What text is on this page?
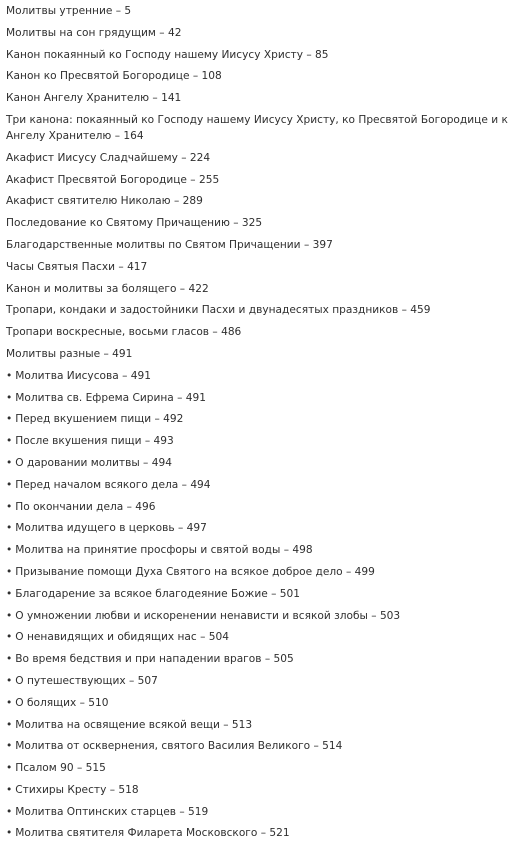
Молитвы утренние – 5
Молитвы на сон грядущим – 42
Канон покаянный ко Господу нашему Иисусу Христу – 85
Канон ко Пресвятой Богородице – 108
Канон Ангелу Хранителю – 141
Три канона: покаянный ко Господу нашему Иисусу Христу, ко Пресвятой Богородице и к Ангелу Хранителю – 164
Акафист Иисусу Сладчайшему – 224
Акафист Пресвятой Богородице – 255
Акафист святителю Николаю – 289
Последование ко Святому Причащению – 325
Благодарственные молитвы по Святом Причащении – 397
Часы Святыя Пасхи – 417
Канон и молитвы за болящего – 422
Тропари, кондаки и задостойники Пасхи и двунадесятых праздников – 459
Тропари воскресные, восьми гласов – 486
Молитвы разные – 491
• Молитва Иисусова – 491
• Молитва св. Ефрема Сирина – 491
• Перед вкушением пищи – 492
• После вкушения пищи – 493
• О даровании молитвы – 494
• Перед началом всякого дела – 494
• По окончании дела – 496
• Молитва идущего в церковь – 497
• Молитва на принятие просфоры и святой воды – 498
• Призывание помощи Духа Святого на всякое доброе дело – 499
• Благодарение за всякое благодеяние Божие – 501
• О умножении любви и искоренении ненависти и всякой злобы – 503
• О ненавидящих и обидящих нас – 504
• Во время бедствия и при нападении врагов – 505
• О путешествующих – 507
• О болящих – 510
• Молитва на освящение всякой вещи – 513
• Молитва от осквернения, святого Василия Великого – 514
• Псалом 90 – 515
• Стихиры Кресту – 518
• Молитва Оптинских старцев – 519
• Молитва святителя Филарета Московского – 521
